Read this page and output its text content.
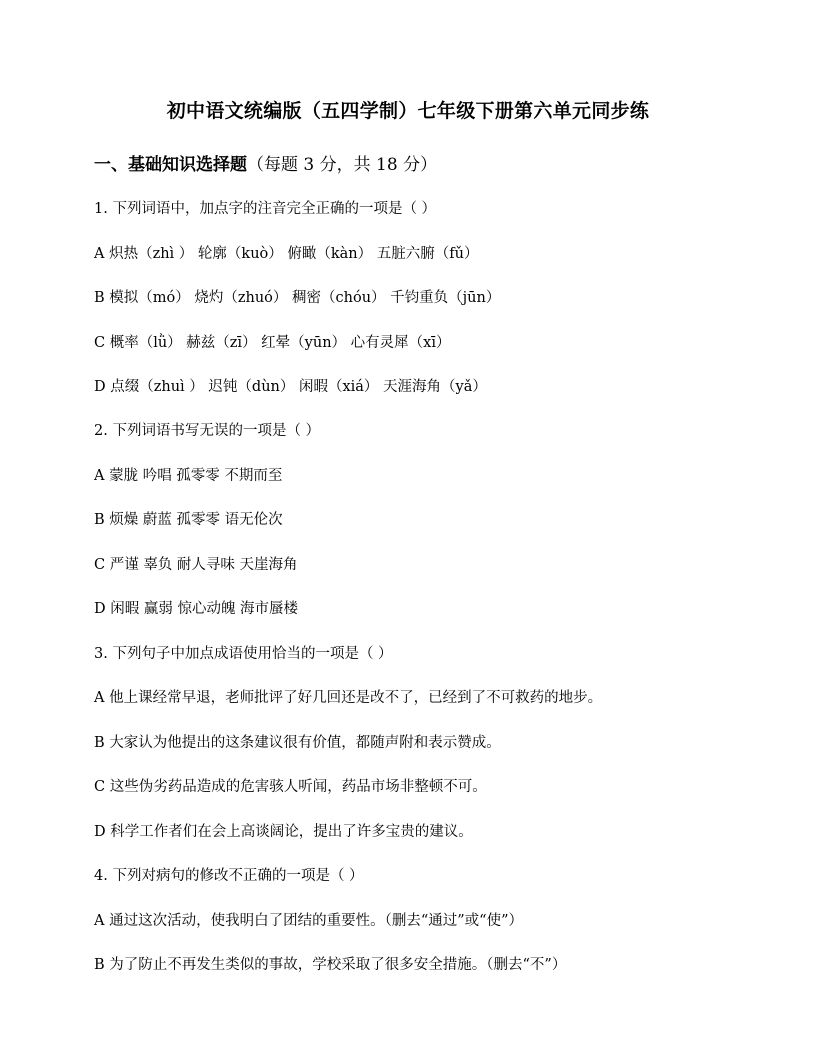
初中语文统编版（五四学制）七年级下册第六单元同步练
一、基础知识选择题（每题 3 分，共 18 分）
1. 下列词语中，加点字的注音完全正确的一项是（ ）
A 炽热（zhì ） 轮廓（kuò） 俯瞰（kàn） 五脏六腑（fǔ）
B 模拟（mó） 烧灼（zhuó） 稠密（chóu） 千钧重负（jūn）
C 概率（lǜ） 赫兹（zī） 红晕（yūn） 心有灵犀（xī）
D 点缀（zhuì ） 迟钝（dùn） 闲暇（xiá） 天涯海角（yǎ）
2. 下列词语书写无误的一项是（ ）
A 蒙胧 吟唱 孤零零 不期而至
B 烦燥 蔚蓝 孤零零 语无伦次
C 严谨 辜负 耐人寻味 天崖海角
D 闲暇 赢弱 惊心动魄 海市蜃楼
3. 下列句子中加点成语使用恰当的一项是（ ）
A 他上课经常早退，老师批评了好几回还是改不了，已经到了不可救药的地步。
B 大家认为他提出的这条建议很有价值，都随声附和表示赞成。
C 这些伪劣药品造成的危害骇人听闻，药品市场非整顿不可。
D 科学工作者们在会上高谈阔论，提出了许多宝贵的建议。
4. 下列对病句的修改不正确的一项是（ ）
A 通过这次活动，使我明白了团结的重要性。（删去“通过”或“使”）
B 为了防止不再发生类似的事故，学校采取了很多安全措施。（删去“不”）
